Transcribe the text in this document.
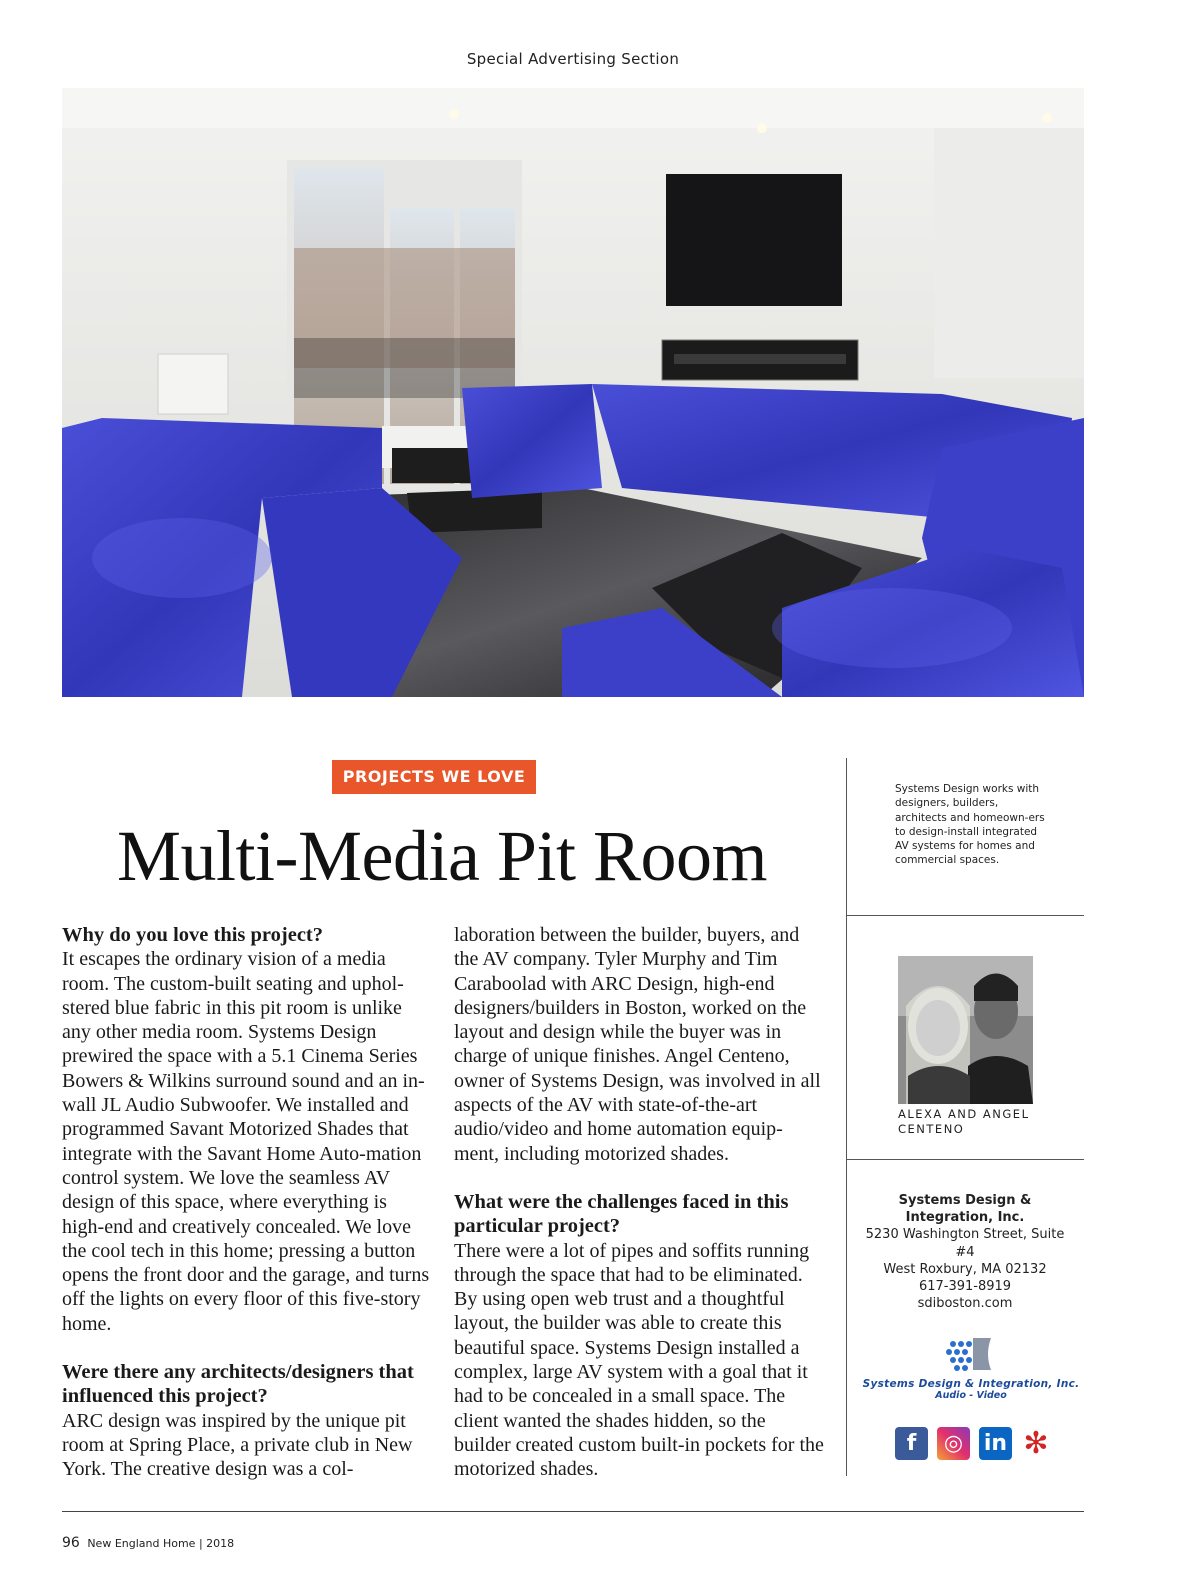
Special Advertising Section
PROJECTS WE LOVE
Multi-Media Pit Room
Why do you love this project?

It escapes the ordinary vision of a media room. The custom-built seating and uphol-stered blue fabric in this pit room is unlike any other media room. Systems Design prewired the space with a 5.1 Cinema Series Bowers & Wilkins surround sound and an in-wall JL Audio Subwoofer. We installed and programmed Savant Motorized Shades that integrate with the Savant Home Auto-mation control system. We love the seamless AV design of this space, where everything is high-end and creatively concealed. We love the cool tech in this home; pressing a button opens the front door and the garage, and turns off the lights on every floor of this five-story home.

Were there any architects/designers that influenced this project?

ARC design was inspired by the unique pit room at Spring Place, a private club in New York. The creative design was a col-

laboration between the builder, buyers, and the AV company. Tyler Murphy and Tim Caraboolad with ARC Design, high-end designers/builders in Boston, worked on the layout and design while the buyer was in charge of unique finishes. Angel Centeno, owner of Systems Design, was involved in all aspects of the AV with state-of-the-art audio/video and home automation equip-ment, including motorized shades.

What were the challenges faced in this particular project?

There were a lot of pipes and soffits running through the space that had to be eliminated. By using open web trust and a thoughtful layout, the builder was able to create this beautiful space. Systems Design installed a complex, large AV system with a goal that it had to be concealed in a small space. The client wanted the shades hidden, so the builder created custom built-in pockets for the motorized shades.

Systems Design works with designers, builders, architects and homeown-ers to design-install integrated AV systems for homes and commercial spaces.
ALEXA AND ANGEL CENTENO
Systems Design & Integration, Inc.
5230 Washington Street, Suite #4
West Roxbury, MA 02132
617-391-8919
sdiboston.com
Systems Design & Integration, Inc.
Audio - Video
f	◎ in ✻
96 New England Home | 2018
